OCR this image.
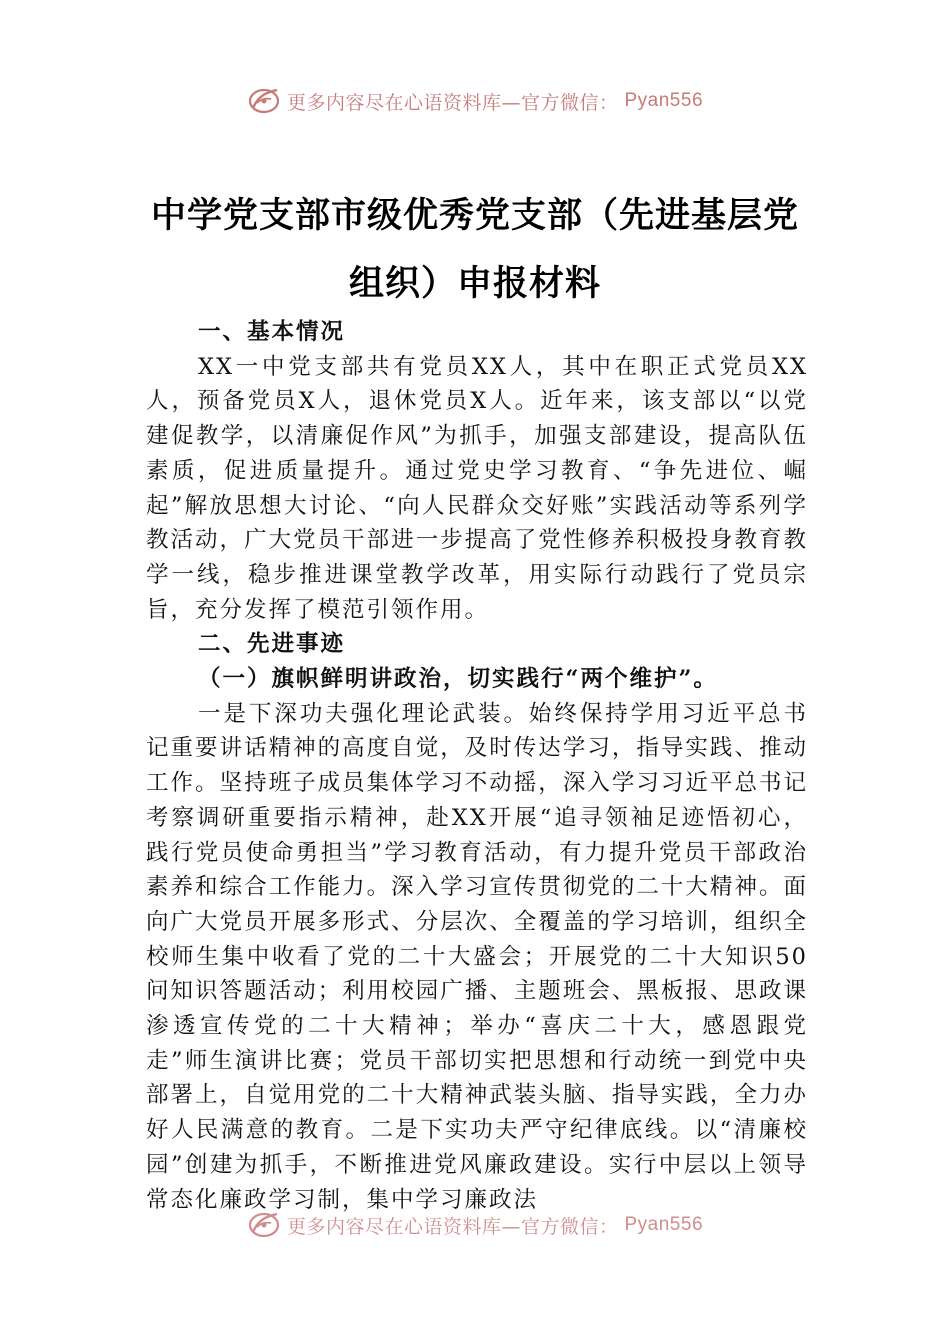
更多内容尽在心语资料库—官方微信： Pyan556
中学党支部市级优秀党支部（先进基层党
组织）申报材料

一、基本情况

XX一中党支部共有党员XX人，其中在职正式党员XX人，预备党员X人，退休党员X人。近年来，该支部以“以党建促教学，以清廉促作风”为抓手，加强支部建设，提高队伍素质，促进质量提升。通过党史学习教育、“争先进位、崛起”解放思想大讨论、“向人民群众交好账”实践活动等系列学教活动，广大党员干部进一步提高了党性修养积极投身教育教学一线，稳步推进课堂教学改革，用实际行动践行了党员宗旨，充分发挥了模范引领作用。

二、先进事迹

（一）旗帜鲜明讲政治，切实践行“两个维护”。

一是下深功夫强化理论武装。始终保持学用习近平总书记重要讲话精神的高度自觉，及时传达学习，指导实践、推动工作。坚持班子成员集体学习不动摇，深入学习习近平总书记考察调研重要指示精神，赴XX开展“追寻领袖足迹悟初心，践行党员使命勇担当”学习教育活动，有力提升党员干部政治素养和综合工作能力。深入学习宣传贯彻党的二十大精神。面向广大党员开展多形式、分层次、全覆盖的学习培训，组织全校师生集中收看了党的二十大盛会；开展党的二十大知识50问知识答题活动；利用校园广播、主题班会、黑板报、思政课渗透宣传党的二十大精神；举办“喜庆二十大，感恩跟党走”师生演讲比赛；党员干部切实把思想和行动统一到党中央部署上，自觉用党的二十大精神武装头脑、指导实践，全力办好人民满意的教育。二是下实功夫严守纪律底线。以“清廉校园”创建为抓手，不断推进党风廉政建设。实行中层以上领导常态化廉政学习制，集中学习廉政法

更多内容尽在心语资料库—官方微信： Pyan556
